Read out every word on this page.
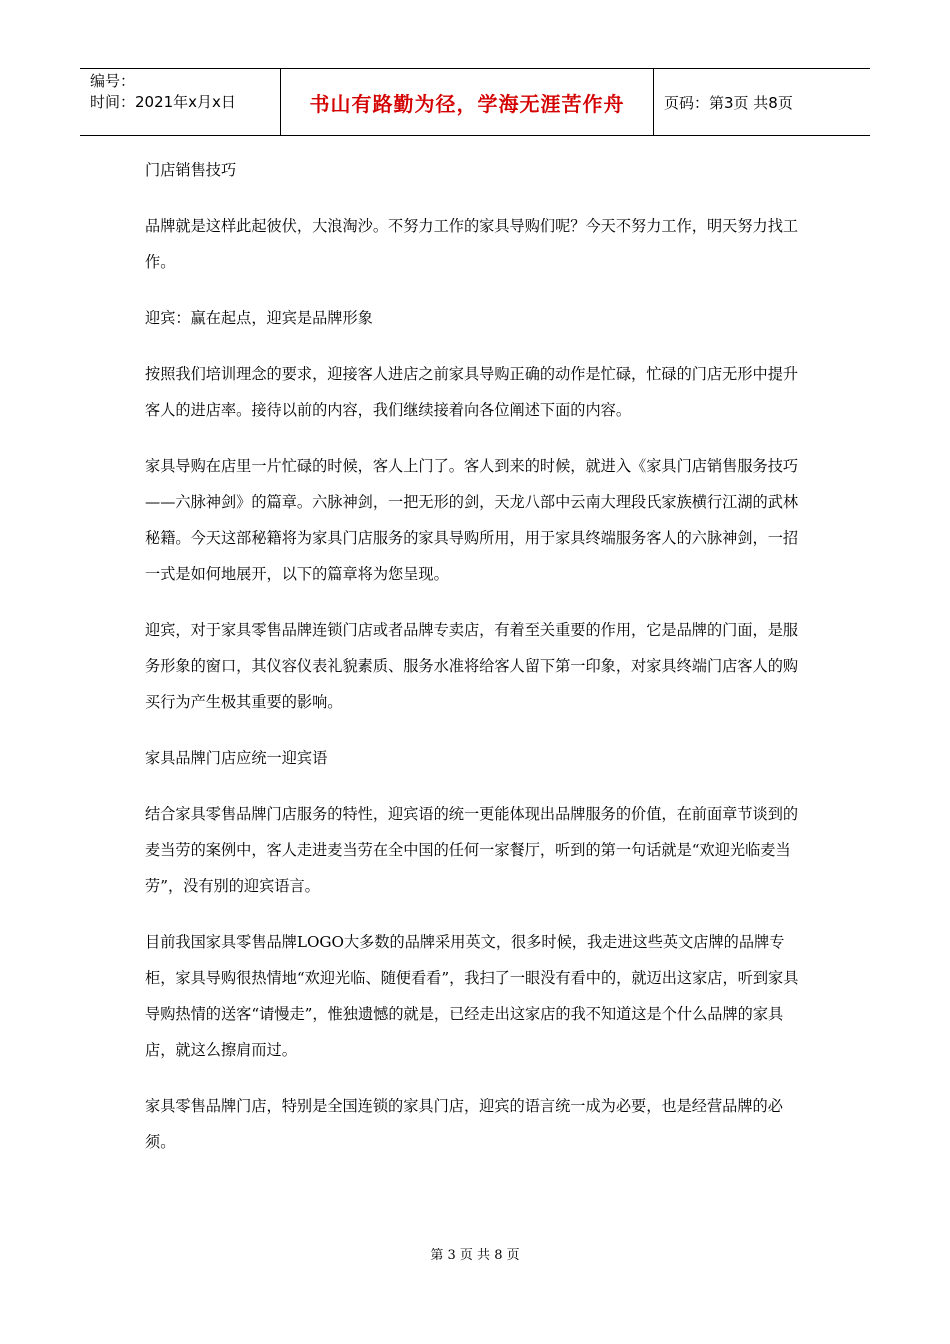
编号：
时间：2021年x月x日	书山有路勤为径，学海无涯苦作舟	页码：第3页 共8页

门店销售技巧

品牌就是这样此起彼伏，大浪淘沙。不努力工作的家具导购们呢？今天不努力工作，明天努力找工作。

迎宾：赢在起点，迎宾是品牌形象

按照我们培训理念的要求，迎接客人进店之前家具导购正确的动作是忙碌，忙碌的门店无形中提升客人的进店率。接待以前的内容，我们继续接着向各位阐述下面的内容。

家具导购在店里一片忙碌的时候，客人上门了。客人到来的时候，就进入《家具门店销售服务技巧——六脉神剑》的篇章。六脉神剑，一把无形的剑，天龙八部中云南大理段氏家族横行江湖的武林秘籍。今天这部秘籍将为家具门店服务的家具导购所用，用于家具终端服务客人的六脉神剑，一招一式是如何地展开，以下的篇章将为您呈现。

迎宾，对于家具零售品牌连锁门店或者品牌专卖店，有着至关重要的作用，它是品牌的门面，是服务形象的窗口，其仪容仪表礼貌素质、服务水准将给客人留下第一印象，对家具终端门店客人的购买行为产生极其重要的影响。

家具品牌门店应统一迎宾语

结合家具零售品牌门店服务的特性，迎宾语的统一更能体现出品牌服务的价值，在前面章节谈到的麦当劳的案例中，客人走进麦当劳在全中国的任何一家餐厅，听到的第一句话就是“欢迎光临麦当劳”，没有别的迎宾语言。

目前我国家具零售品牌LOGO大多数的品牌采用英文，很多时候，我走进这些英文店牌的品牌专柜，家具导购很热情地“欢迎光临、随便看看”，我扫了一眼没有看中的，就迈出这家店，听到家具导购热情的送客“请慢走”，惟独遗憾的就是，已经走出这家店的我不知道这是个什么品牌的家具店，就这么擦肩而过。

家具零售品牌门店，特别是全国连锁的家具门店，迎宾的语言统一成为必要，也是经营品牌的必须。

第 3 页 共 8 页
